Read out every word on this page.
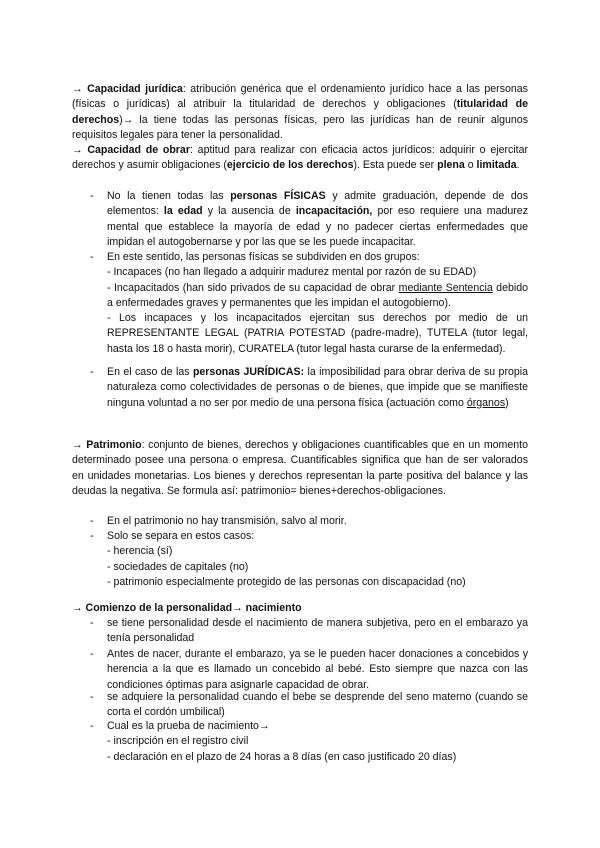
→ Capacidad jurídica: atribución genérica que el ordenamiento jurídico hace a las personas (físicas o jurídicas) al atribuir la titularidad de derechos y obligaciones (titularidad de derechos)→ la tiene todas las personas físicas, pero las jurídicas han de reunir algunos requisitos legales para tener la personalidad.

→ Capacidad de obrar: aptitud para realizar con eficacia actos jurídicos: adquirir o ejercitar derechos y asumir obligaciones (ejercicio de los derechos). Esta puede ser plena o limitada.

-	No la tienen todas las personas FÍSICAS y admite graduación, depende de dos elementos: la edad y la ausencia de incapacitación, por eso requiere una madurez mental que establece la mayoría de edad y no padecer ciertas enfermedades que impidan el autogobernarse y por las que se les puede incapacitar.

-	En este sentido, las personas físicas se subdividen en dos grupos:

- Incapaces (no han llegado a adquirir madurez mental por razón de su EDAD)

- Incapacitados (han sido privados de su capacidad de obrar mediante Sentencia debido a enfermedades graves y permanentes que les impidan el autogobierno).

- Los incapaces y los incapacitados ejercitan sus derechos por medio de un REPRESENTANTE LEGAL (PATRIA POTESTAD (padre-madre), TUTELA (tutor legal, hasta los 18 o hasta morir), CURATELA (tutor legal hasta curarse de la enfermedad).

-	En el caso de las personas JURÍDICAS: la imposibilidad para obrar deriva de su propia naturaleza como colectividades de personas o de bienes, que impide que se manifieste ninguna voluntad a no ser por medio de una persona física (actuación como órganos)

→ Patrimonio: conjunto de bienes, derechos y obligaciones cuantificables que en un momento determinado posee una persona o empresa. Cuantificables significa que han de ser valorados en unidades monetarias. Los bienes y derechos representan la parte positiva del balance y las deudas la negativa. Se formula así: patrimonio= bienes+derechos-obligaciones.

-	En el patrimonio no hay transmisión, salvo al morir.

-	Solo se separa en estos casos:

- herencia (sí)

- sociedades de capitales (no)

- patrimonio especialmente protegido de las personas con discapacidad (no)

→ Comienzo de la personalidad→ nacimiento

-	se tiene personalidad desde el nacimiento de manera subjetiva, pero en el embarazo ya tenía personalidad

-	Antes de nacer, durante el embarazo, ya se le pueden hacer donaciones a concebidos y herencia a la que es llamado un concebido al bebé. Esto siempre que nazca con las condiciones óptimas para asignarle capacidad de obrar.

-	se adquiere la personalidad cuando el bebe se desprende del seno materno (cuando se corta el cordón umbilical)

-	Cual es la prueba de nacimiento→

- inscripción en el registro civil

- declaración en el plazo de 24 horas a 8 días (en caso justificado 20 días)
